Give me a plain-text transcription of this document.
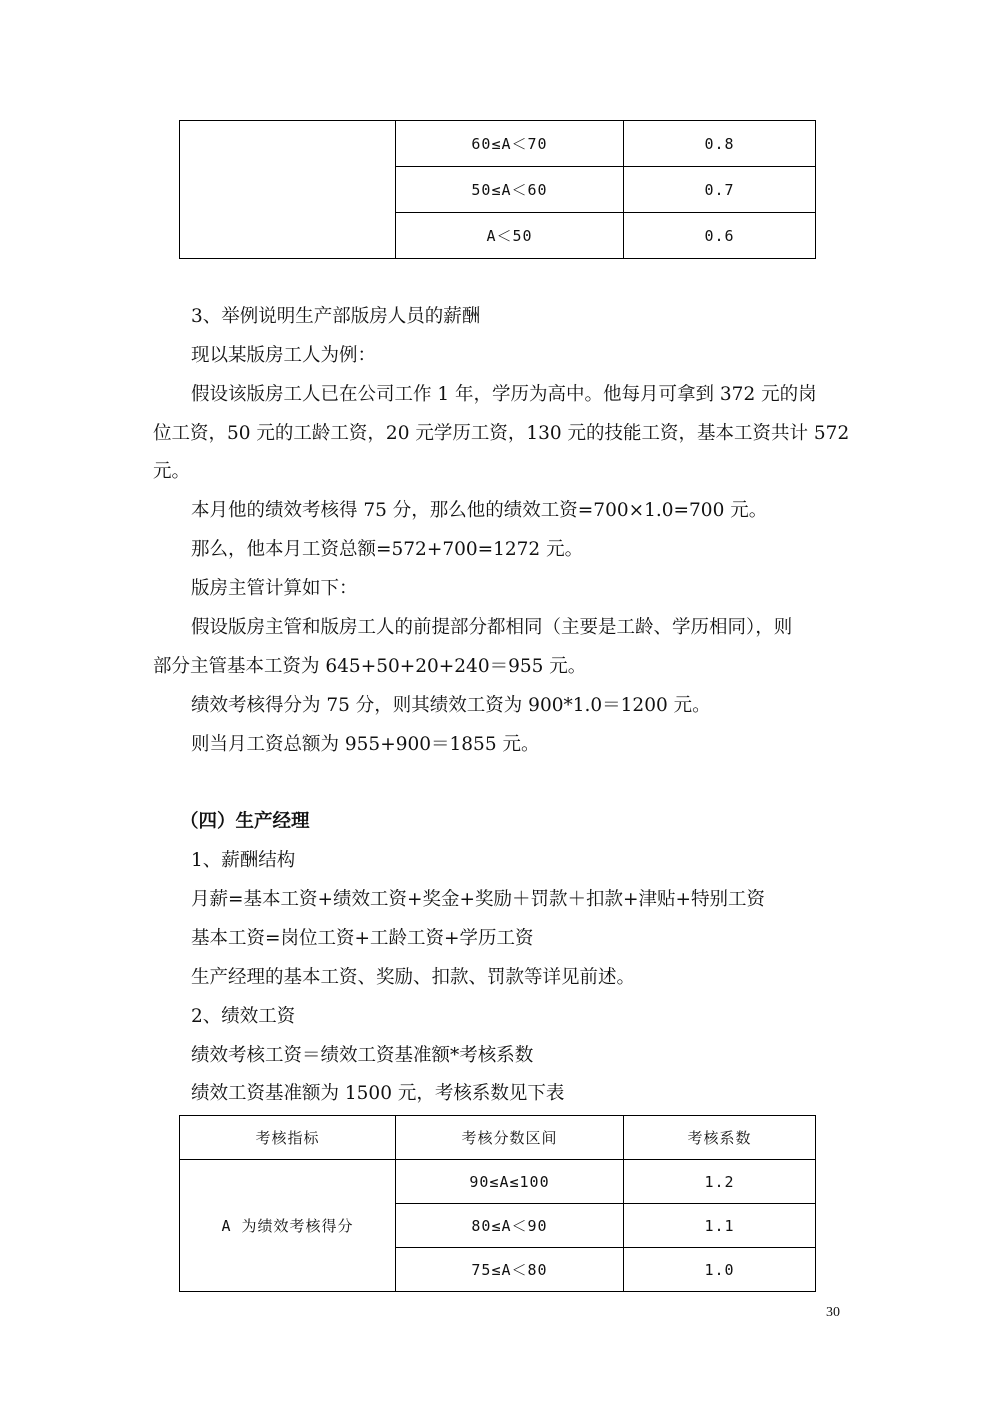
	60≤A＜70	0.8
	50≤A＜60	0.7
	A＜50	0.6
3、举例说明生产部版房人员的薪酬
现以某版房工人为例：
假设该版房工人已在公司工作 1 年，学历为高中。他每月可拿到 372 元的岗
位工资，50 元的工龄工资，20 元学历工资，130 元的技能工资，基本工资共计 572
元。
本月他的绩效考核得 75 分，那么他的绩效工资=700×1.0=700 元。
那么，他本月工资总额=572+700=1272 元。
版房主管计算如下：
假设版房主管和版房工人的前提部分都相同（主要是工龄、学历相同），则
部分主管基本工资为 645+50+20+240＝955 元。
绩效考核得分为 75 分，则其绩效工资为 900*1.0＝1200 元。
则当月工资总额为 955+900＝1855 元。
（四）生产经理
1、薪酬结构
月薪=基本工资+绩效工资+奖金+奖励＋罚款＋扣款+津贴+特别工资
基本工资=岗位工资+工龄工资+学历工资
生产经理的基本工资、奖励、扣款、罚款等详见前述。
2、绩效工资
绩效考核工资＝绩效工资基准额*考核系数
绩效工资基准额为 1500 元，考核系数见下表
考核指标	考核分数区间	考核系数
A 为绩效考核得分	90≤A≤100	1.2
	80≤A＜90	1.1
	75≤A＜80	1.0
30
